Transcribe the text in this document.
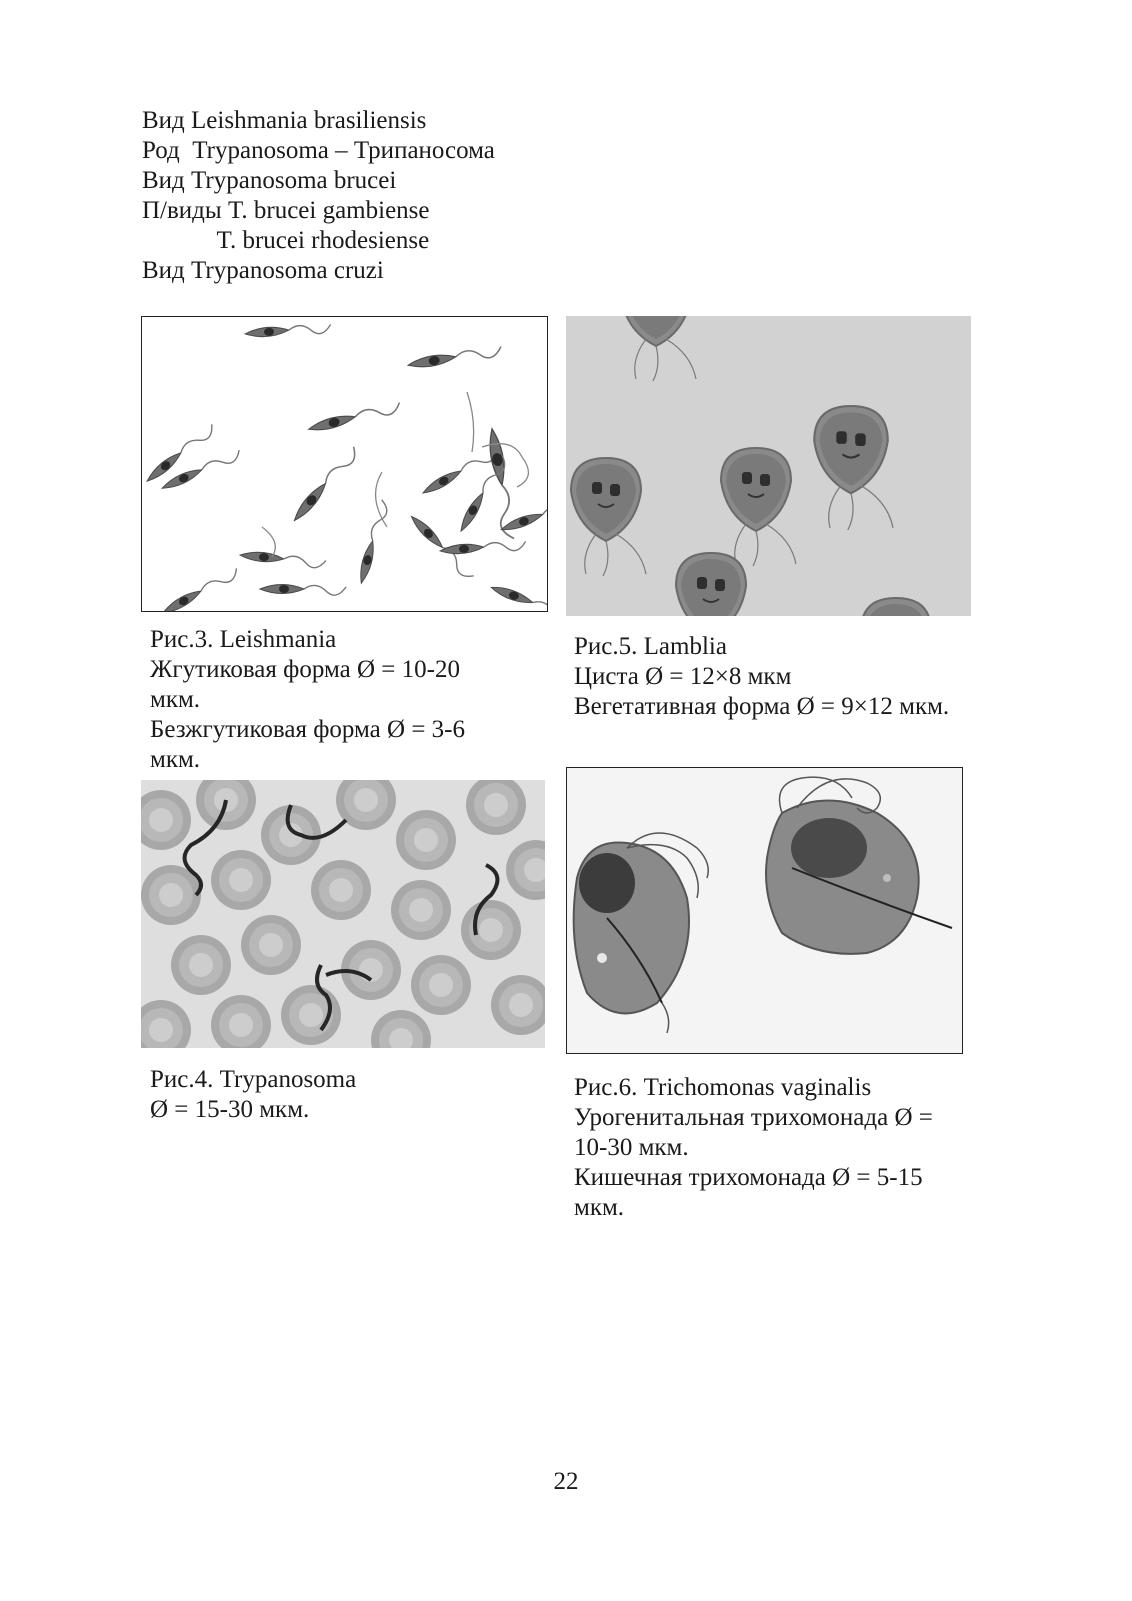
Вид Leishmania brasiliensis
Род  Trypanosoma – Трипаносома
Вид Trypanosoma brucei
П/виды T. brucei gambiense
T. brucei rhodesiense
Вид Trypanosoma cruzi
Рис.3. Leishmania
Жгутиковая форма Ø = 10-20
мкм.
Безжгутиковая форма Ø = 3-6
мкм.
Рис.5. Lamblia
Циста Ø = 12×8 мкм
Вегетативная форма Ø = 9×12 мкм.
Рис.4. Trypanosoma
Ø = 15-30 мкм.
Рис.6. Trichomonas vaginalis
Урогенитальная трихомонада Ø =
10-30 мкм.
Кишечная трихомонада Ø = 5-15
мкм.
22
